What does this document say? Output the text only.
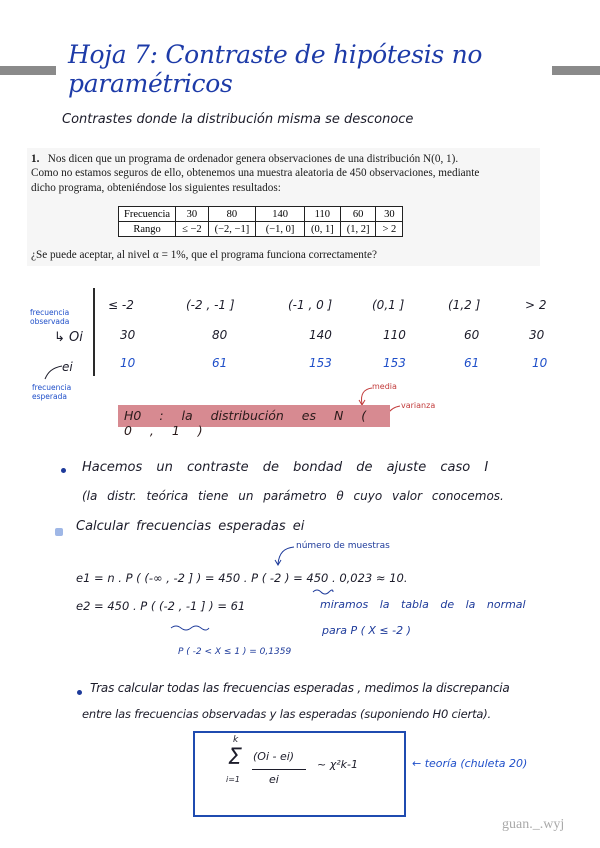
Hoja 7: Contraste de hipótesis no paramétricos
Contrastes donde la distribución misma se desconoce

1. Nos dicen que un programa de ordenador genera observaciones de una distribución N(0, 1).

Como no estamos seguros de ello, obtenemos una muestra aleatoria de 450 observaciones, mediante

dicho programa, obteniéndose los siguientes resultados:

Frecuencia	30	80	140	110	60	30
Rango	≤ −2	(−2, −1]	(−1, 0]	(0, 1]	(1, 2]	> 2

¿Se puede aceptar, al nivel α = 1%, que el programa funciona correctamente?

frecuencia observada
↳ Oi
ei
frecuencia esperada
≤ -2	(-2 , -1 ]	(-1 , 0 ]	(0,1 ]	(1,2 ]	> 2
30	80	140	110	60	30
10	61	153	153	61	10
media
varianza
H0 : la distribución es N ( 0 , 1 )
Hacemos un contraste de bondad de ajuste caso I
(la distr. teórica tiene un parámetro θ cuyo valor conocemos.
Calcular frecuencias esperadas ei
número de muestras
e1 = n . P ( (-∞ , -2 ] ) = 450 . P ( -2 ) = 450 . 0,023 ≈ 10.
e2 = 450 . P ( (-2 , -1 ] ) = 61	miramos la tabla de la normal
para P ( X ≤ -2 )
P ( -2 < X ≤ 1 ) = 0,1359
Tras calcular todas las frecuencias esperadas , medimos la discrepancia
entre las frecuencias observadas y las esperadas (suponiendo H0 cierta).
k
Σ
i=1
(Oi - ei)
ei
~ χ²k-1	← teoría (chuleta 20)
guan._.wyj
